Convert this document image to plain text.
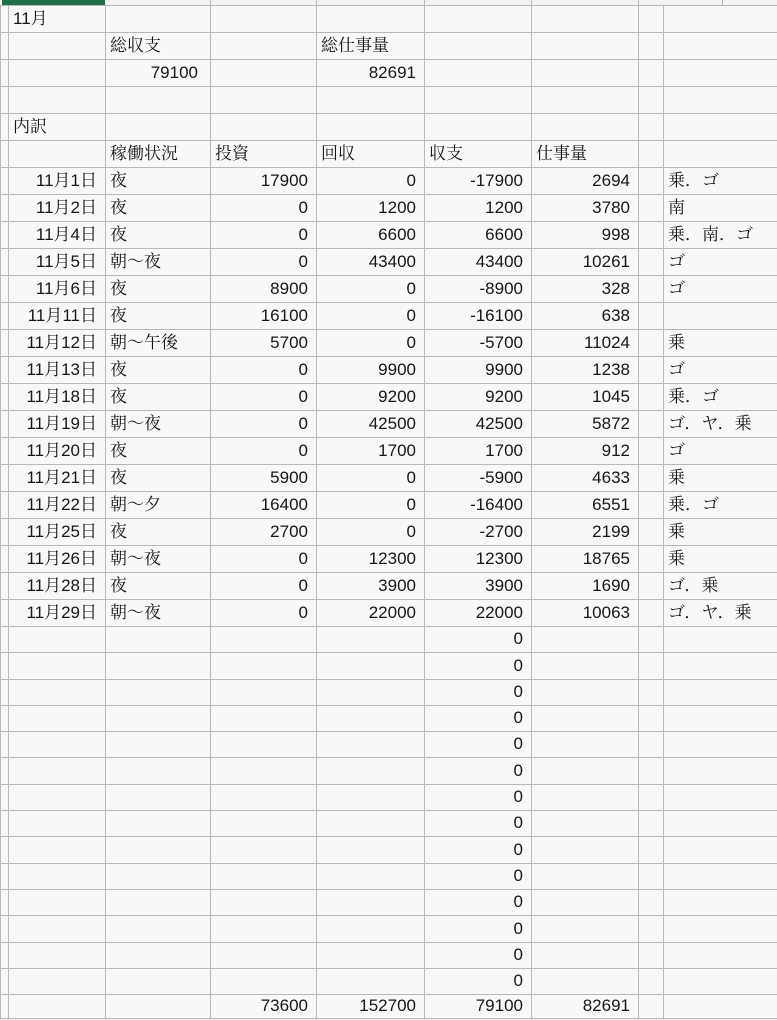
	11月							
		総収支		総仕事量				
		79100		82691				

	内訳							
		稼働状況	投資	回収	収支	仕事量		
	11月1日	夜	17900	0	-17900	2694		乗．ゴ
	11月2日	夜	0	1200	1200	3780		南
	11月4日	夜	0	6600	6600	998		乗．南．ゴ
	11月5日	朝〜夜	0	43400	43400	10261		ゴ
	11月6日	夜	8900	0	-8900	328		ゴ
	11月11日	夜	16100	0	-16100	638		
	11月12日	朝〜午後	5700	0	-5700	11024		乗
	11月13日	夜	0	9900	9900	1238		ゴ
	11月18日	夜	0	9200	9200	1045		乗．ゴ
	11月19日	朝〜夜	0	42500	42500	5872		ゴ．ヤ．乗
	11月20日	夜	0	1700	1700	912		ゴ
	11月21日	夜	5900	0	-5900	4633		乗
	11月22日	朝〜夕	16400	0	-16400	6551		乗．ゴ
	11月25日	夜	2700	0	-2700	2199		乗
	11月26日	朝〜夜	0	12300	12300	18765		乗
	11月28日	夜	0	3900	3900	1690		ゴ．乗
	11月29日	朝〜夜	0	22000	22000	10063		ゴ．ヤ．乗
					0			
					0			
					0			
					0			
					0			
					0			
					0			
					0			
					0			
					0			
					0			
					0			
					0			
					0			
			73600	152700	79100	82691		
